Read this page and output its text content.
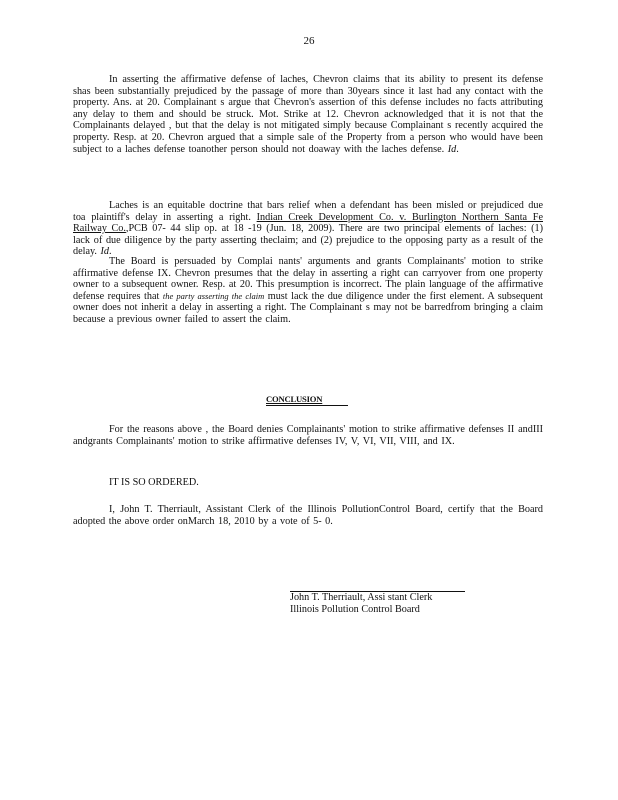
26

In asserting the affirmative defense of laches, Chevron claims that its ability to present its defense shas been substantially prejudiced by the passage of more than 30years since it last had any contact with the property. Ans. at 20. Complainant s argue that Chevron's assertion of this defense includes no facts attributing any delay to them and should be struck. Mot. Strike at 12. Chevron acknowledged that it is not that the Complainants delayed , but that the delay is not mitigated simply because Complainant s recently acquired the property. Resp. at 20. Chevron argued that a simple sale of the Property from a person who would have been subject to a laches defense toanother person should not doaway with the laches defense. Id.

Laches is an equitable doctrine that bars relief when a defendant has been misled or prejudiced due toa plaintiff's delay in asserting a right. Indian Creek Development Co. v. Burlington Northern Santa Fe Railway Co.,PCB 07- 44 slip op. at 18 -19 (Jun. 18, 2009). There are two principal elements of laches: (1) lack of due diligence by the party asserting theclaim; and (2) prejudice to the opposing party as a result of the delay. Id.

The Board is persuaded by Complai nants' arguments and grants Complainants' motion to strike affirmative defense IX. Chevron presumes that the delay in asserting a right can carryover from one property owner to a subsequent owner. Resp. at 20. This presumption is incorrect. The plain language of the affirmative defense requires that the party asserting the claim must lack the due diligence under the first element. A subsequent owner does not inherit a delay in asserting a right. The Complainant s may not be barredfrom bringing a claim because a previous owner failed to assert the claim.

CONCLUSION

For the reasons above , the Board denies Complainants' motion to strike affirmative defenses II andIII andgrants Complainants' motion to strike affirmative defenses IV, V, VI, VII, VIII, and IX.

IT IS SO ORDERED.

I, John T. Therriault, Assistant Clerk of the Illinois PollutionControl Board, certify that the Board adopted the above order onMarch 18, 2010 by a vote of 5- 0.

John T. Therriault, Assi stant Clerk
Illinois Pollution Control Board
